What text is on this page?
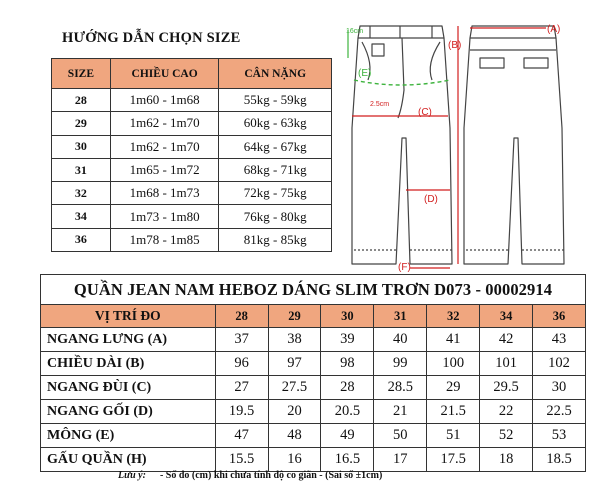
HƯỚNG DẪN CHỌN SIZE
SIZE	CHIỀU CAO	CÂN NẶNG
28	1m60 - 1m68	55kg - 59kg
29	1m62 - 1m70	60kg - 63kg
30	1m62 - 1m70	64kg - 67kg
31	1m65 - 1m72	68kg - 71kg
32	1m68 - 1m73	72kg - 75kg
34	1m73 - 1m80	76kg - 80kg
36	1m78 - 1m85	81kg - 85kg
(A)
(B)
16cm
(E)
(C)
2.5cm
(D)
(F)
QUẦN JEAN NAM HEBOZ DÁNG SLIM TRƠN D073 - 00002914							
VỊ TRÍ ĐO	28	29	30	31	32	34	36
NGANG LƯNG (A)	37	38	39	40	41	42	43
CHIỀU DÀI (B)	96	97	98	99	100	101	102
NGANG ĐÙI (C)	27	27.5	28	28.5	29	29.5	30
NGANG GỐI (D)	19.5	20	20.5	21	21.5	22	22.5
MÔNG (E)	47	48	49	50	51	52	53
GẤU QUẦN (H)	15.5	16	16.5	17	17.5	18	18.5
Lưu ý: - Số đo (cm) khi chưa tính độ co giãn - (Sai số ±1cm)
